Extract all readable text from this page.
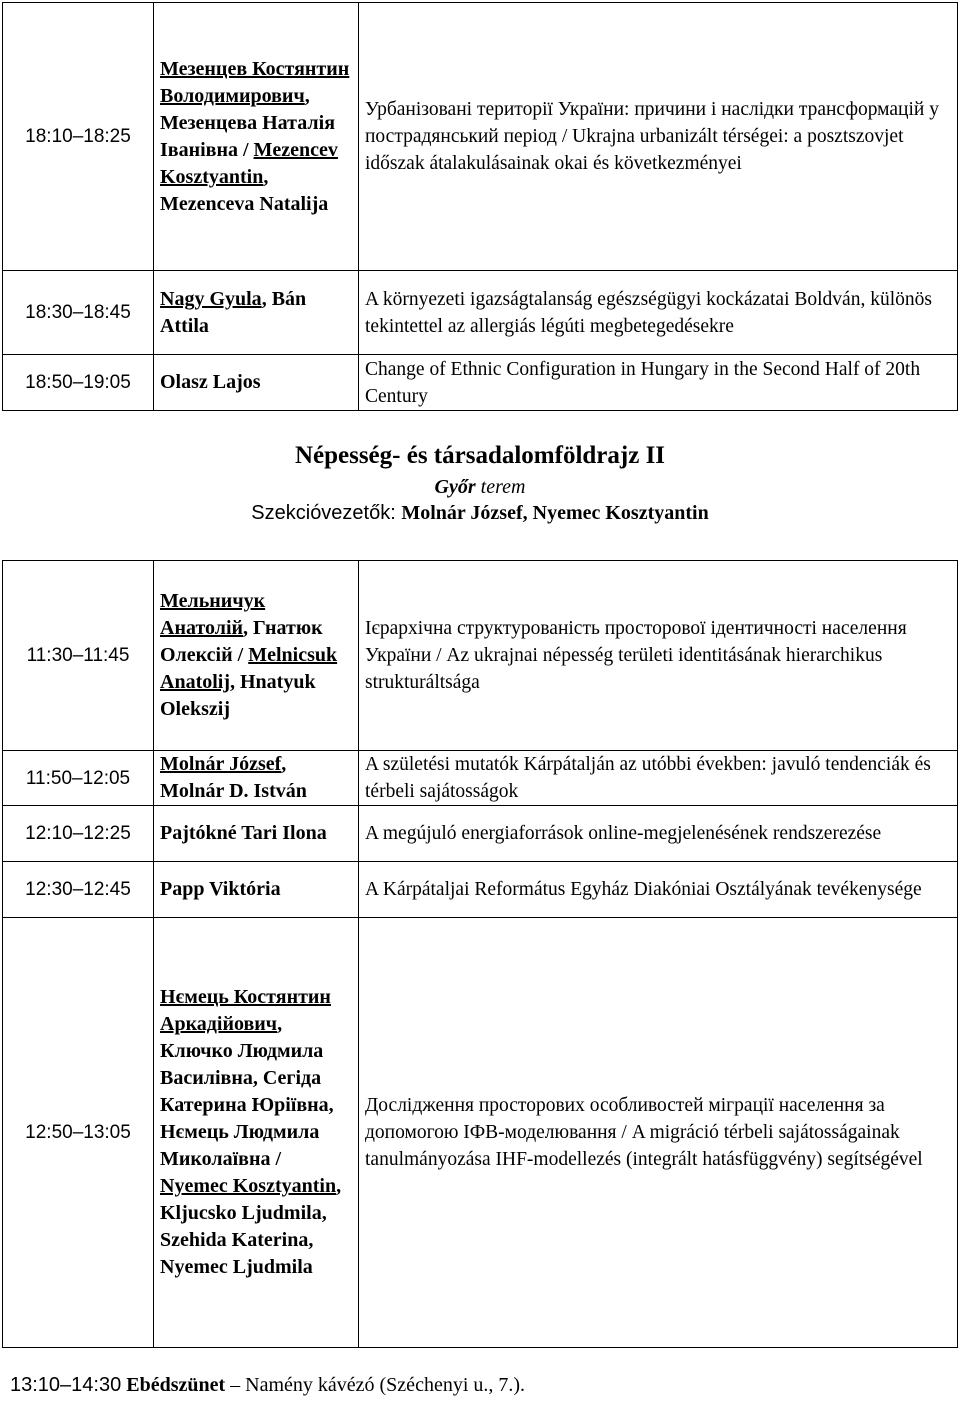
18:10–18:25	Мезенцев Костянтин Володимирович, Мезенцева Наталія Іванівна / Mezencev Kosztyantin, Mezenceva Natalija	Урбанізовані території України: причини і наслідки трансформацій у пострадянський період / Ukrajna urbanizált térségei: a posztszovjet időszak átalakulásainak okai és következményei
18:30–18:45	Nagy Gyula, Bán Attila	A környezeti igazságtalanság egészségügyi kockázatai Boldván, különös tekintettel az allergiás légúti megbetegedésekre
18:50–19:05	Olasz Lajos	Change of Ethnic Configuration in Hungary in the Second Half of 20th Century
Népesség- és társadalomföldrajz II
Győr terem
Szekcióvezetők: Molnár József, Nyemec Kosztyantin
11:30–11:45	Мельничук Анатолій, Гнатюк Олексій / Melnicsuk Anatolij, Hnatyuk Olekszij	Ієрархічна структурованість просторової ідентичності населення України / Az ukrajnai népesség területi identitásának hierarchikus strukturáltsága
11:50–12:05	Molnár József, Molnár D. István	A születési mutatók Kárpátalján az utóbbi években: javuló tendenciák és térbeli sajátosságok
12:10–12:25	Pajtókné Tari Ilona	A megújuló energiaforrások online-megjelenésének rendszerezése
12:30–12:45	Papp Viktória	A Kárpátaljai Református Egyház Diakóniai Osztályának tevékenysége
12:50–13:05	Нємець Костянтин Аркадійович, Ключко Людмила Василівна, Сегіда Катерина Юріївна, Нємець Людмила Миколаївна / Nyemec Kosztyantin, Kljucsko Ljudmila, Szehida Katerina, Nyemec Ljudmila	Дослідження просторових особливостей міграції населення за допомогою ІФВ-моделювання / A migráció térbeli sajátosságainak tanulmányozása IHF-modellezés (integrált hatásfüggvény) segítségével
13:10–14:30 Ebédszünet – Namény kávézó (Széchenyi u., 7.).
